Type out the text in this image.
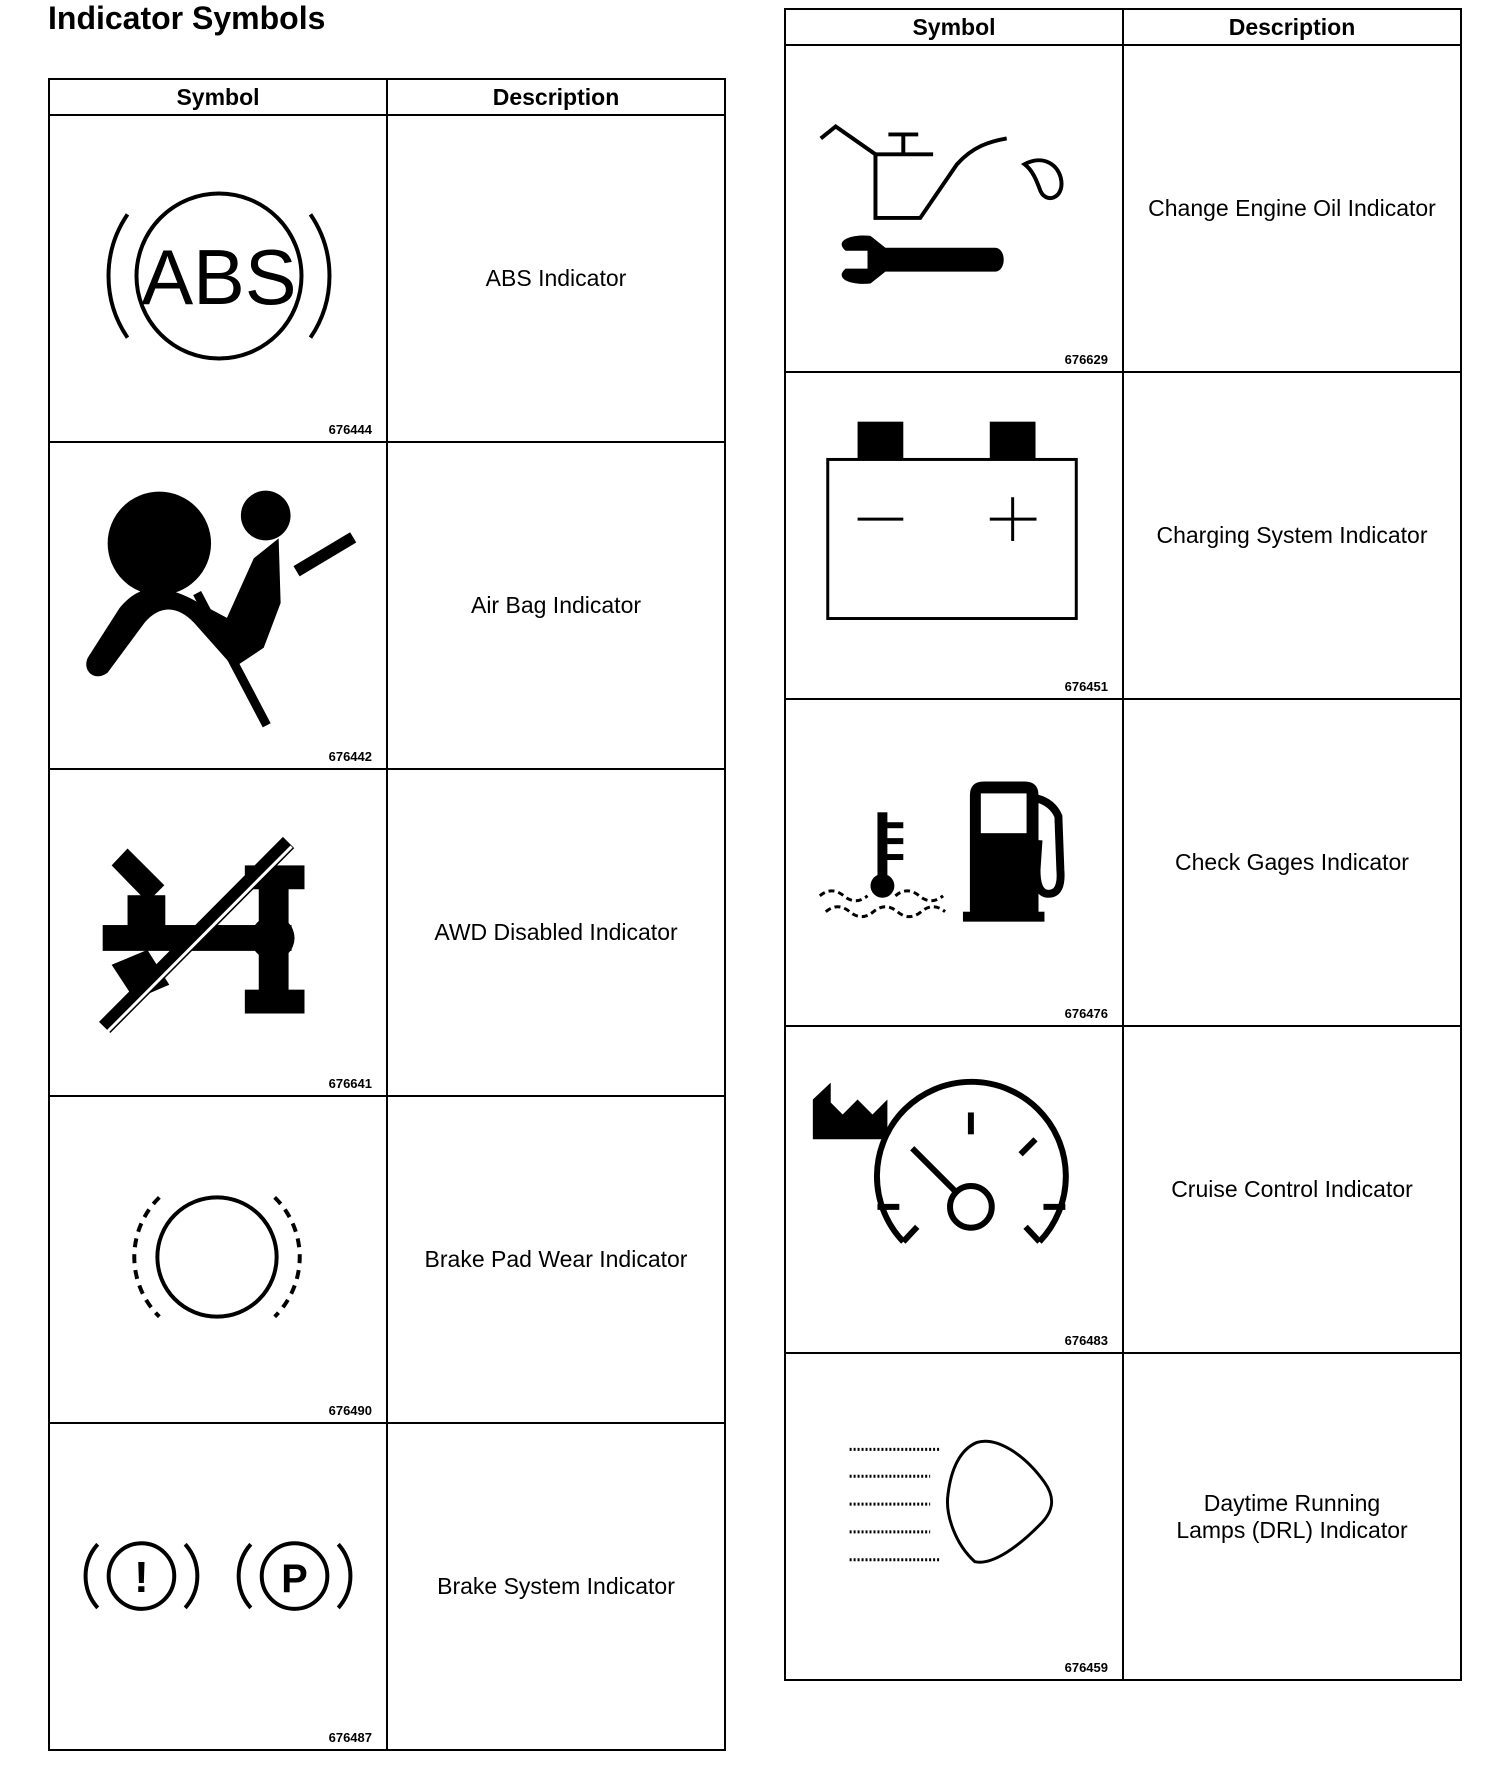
Indicator Symbols
Symbol	Description

ABS
676444	ABS Indicator

676442	Air Bag Indicator

676641	AWD Disabled Indicator

676490	Brake Pad Wear Indicator

! P
676487	Brake System Indicator
Symbol	Description

676629	Change Engine Oil Indicator

676451	Charging System Indicator

676476	Check Gages Indicator

676483	Cruise Control Indicator

676459	Daytime Running
Lamps (DRL) Indicator
